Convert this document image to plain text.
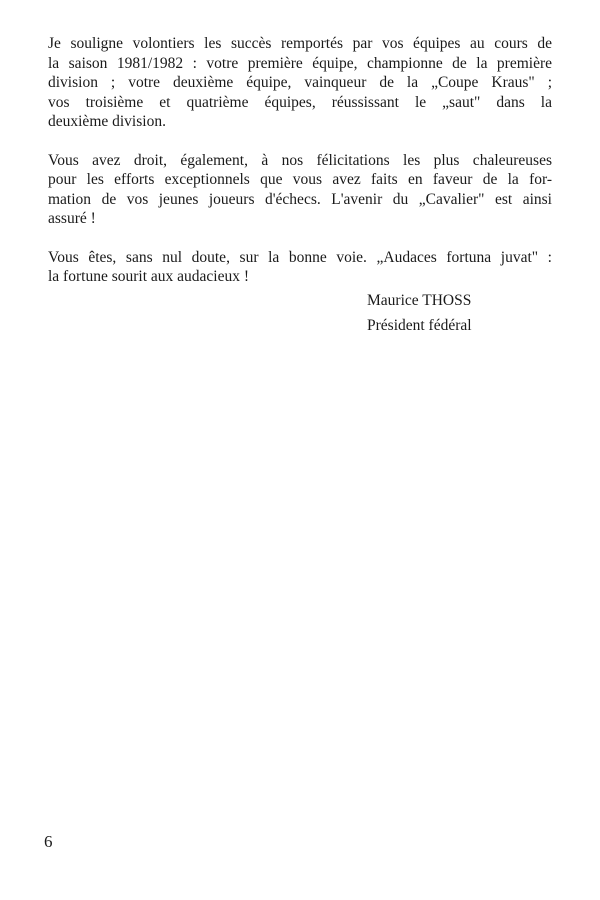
Je souligne volontiers les succès remportés par vos équipes au cours de
la saison 1981/1982 : votre première équipe, championne de la première
division ; votre deuxième équipe, vainqueur de la „Coupe Kraus" ;
vos troisième et quatrième équipes, réussissant le „saut" dans la
deuxième division.

Vous avez droit, également, à nos félicitations les plus chaleureuses
pour les efforts exceptionnels que vous avez faits en faveur de la for-
mation de vos jeunes joueurs d'échecs. L'avenir du „Cavalier" est ainsi
assuré !

Vous êtes, sans nul doute, sur la bonne voie. „Audaces fortuna juvat" :
la fortune sourit aux audacieux !

Maurice THOSS
Président fédéral
6
